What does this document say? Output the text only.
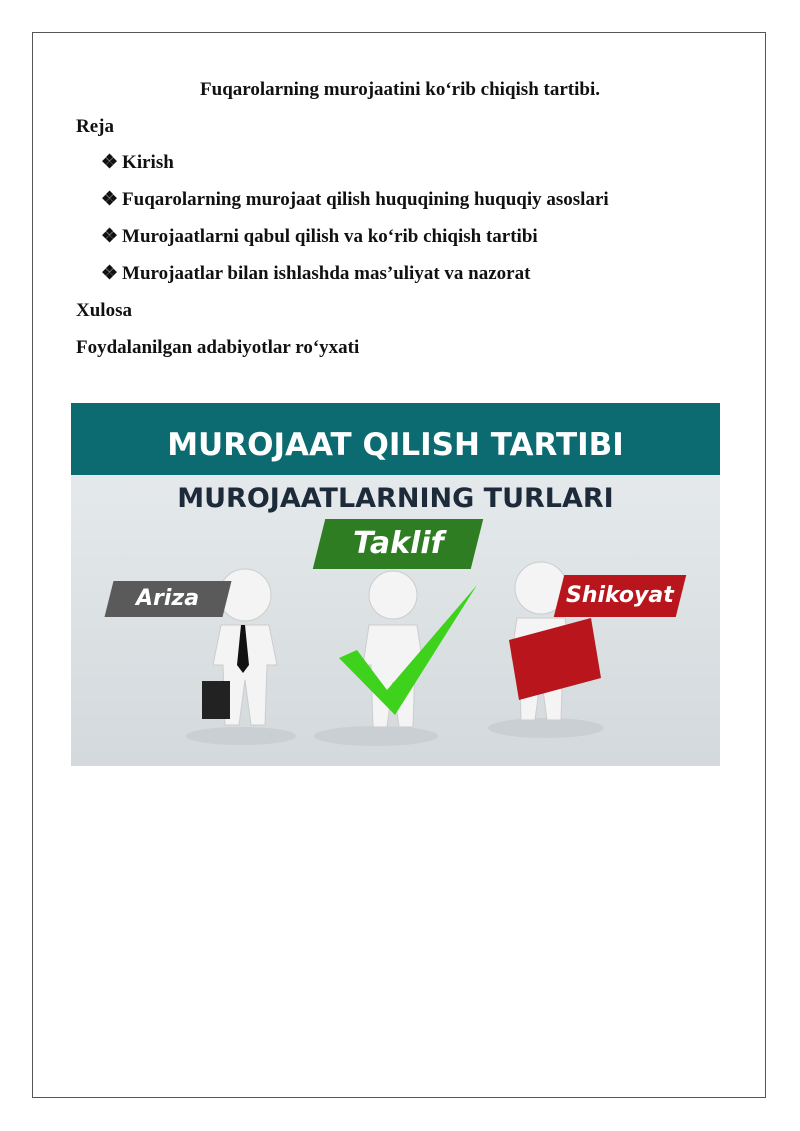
Fuqarolarning murojaatini ko‘rib chiqish tartibi.
Reja
❖ Kirish
❖ Fuqarolarning murojaat qilish huquqining huquqiy asoslari
❖ Murojaatlarni qabul qilish va ko‘rib chiqish tartibi
❖ Murojaatlar bilan ishlashda mas’uliyat va nazorat
Xulosa
Foydalanilgan adabiyotlar ro‘yxati
MUROJAAT QILISH TARTIBI
MUROJAATLARNING TURLARI
Ariza
Taklif
Shikoyat
